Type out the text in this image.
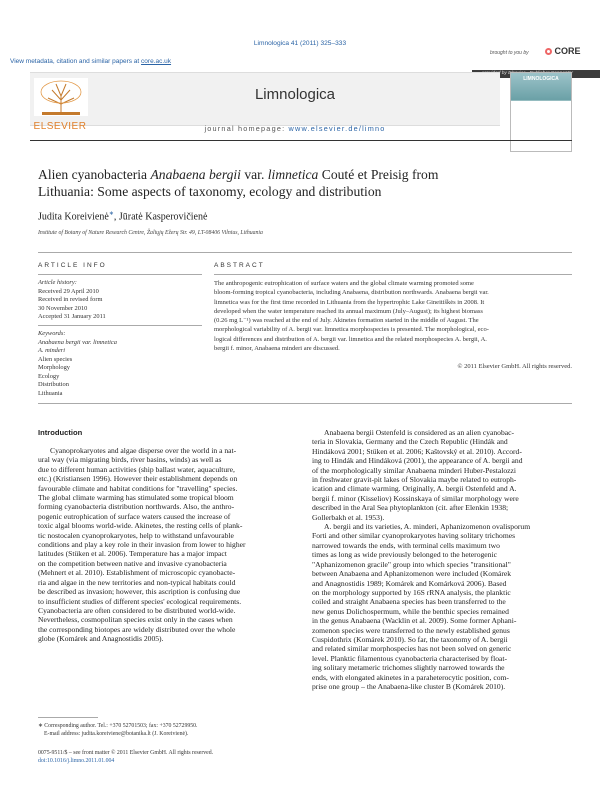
Limnologica 41 (2011) 325–333
View metadata, citation and similar papers at core.ac.uk
brought to you by	CORE
by
ELSEVIER
Limnologica
journal homepage: www.elsevier.de/limno
LIMNOLOGICA
Alien cyanobacteria Anabaena bergii var. limnetica Couté et Preisig from
Lithuania: Some aspects of taxonomy, ecology and distribution
Judita Koreivienė∗, Jūratė Kasperovičienė
Institute of Botany of Nature Research Centre, Žaliųjų Ežerų Str. 49, LT-08406 Vilnius, Lithuania
ARTICLE INFO
Article history:
Received 29 April 2010
Received in revised form
30 November 2010
Accepted 31 January 2011
Keywords:
Anabaena bergii var. limnetica
A. minderi
Alien species
Morphology
Ecology
Distribution
Lithuania
ABSTRACT
The anthropogenic eutrophication of surface waters and the global climate warming promoted some
bloom-forming tropical cyanobacteria, including Anabaena, distribution northwards. Anabaena bergii var.
limnetica was for the first time recorded in Lithuania from the hypertrophic Lake Gineitiškės in 2008. It
developed when the water temperature reached its annual maximum (July–August); its highest biomass
(0.26 mg L⁻¹) was reached at the end of July. Akinetes formation started in the middle of August. The
morphological variability of A. bergii var. limnetica morphospecies is presented. The morphological, eco-
logical differences and distribution of A. bergii var. limnetica and the related morphospecies A. bergii, A.
bergii f. minor, Anabaena minderi are discussed.
© 2011 Elsevier GmbH. All rights reserved.
Introduction
Cyanoprokaryotes and algae disperse over the world in a nat-
ural way (via migrating birds, river basins, winds) as well as
due to different human activities (ship ballast water, aquaculture,
etc.) (Kristiansen 1996). However their establishment depends on
favourable climate and habitat conditions for "travelling" species.
The global climate warming has stimulated some tropical bloom
forming cyanobacteria distribution northwards. Also, the anthro-
pogenic eutrophication of surface waters caused the increase of
toxic algal blooms world-wide. Akinetes, the resting cells of plank-
tic nostocalen cyanoprokaryotes, help to withstand unfavourable
conditions and play a key role in their invasion from lower to higher
latitudes (Stüken et al. 2006). Temperature has a major impact
on the competition between native and invasive cyanobacteria
(Mehnert et al. 2010). Establishment of microscopic cyanobacte-
ria and algae in the new territories and non-typical habitats could
be described as invasion; however, this ascription is confusing due
to insufficient studies of different species' ecological requirements.
Cyanobacteria are often considered to be distributed world-wide.
Nevertheless, cosmopolitan species exist only in the cases when
the corresponding biotopes are widely distributed over the whole
globe (Komárek and Anagnostidis 2005).
Anabaena bergii Ostenfeld is considered as an alien cyanobac-
teria in Slovakia, Germany and the Czech Republic (Hindák and
Hindáková 2001; Stüken et al. 2006; Kaštovský et al. 2010). Accord-
ing to Hindák and Hindáková (2001), the appearance of A. bergii and
of the morphologically similar Anabaena minderi Huber-Pestalozzi
in freshwater gravit-pit lakes of Slovakia maybe related to eutroph-
ication and climate warming. Originally, A. bergii Ostenfeld and A.
bergii f. minor (Kisseliov) Kossinskaya of similar morphology were
described in the Aral Sea phytoplankton (cit. after Elenkin 1938;
Gollerbakh et al. 1953).
A. bergii and its varieties, A. minderi, Aphanizomenon ovalisporum
Forti and other similar cyanoprokaryotes having solitary trichomes
narrowed towards the ends, with terminal cells maximum two
times as long as wide previously belonged to the heterogenic
"Aphanizomenon gracile" group into which species "transitional"
between Anabaena and Aphanizomenon were included (Komárek
and Anagnostidis 1989; Komárek and Komárková 2006). Based
on the morphology supported by 16S rRNA analysis, the planktic
coiled and straight Anabaena species has been transferred to the
new genus Dolichospermum, while the benthic species remained
in the genus Anabaena (Wacklin et al. 2009). Some former Aphani-
zomenon species were transferred to the newly established genus
Cuspidothrix (Komárek 2010). So far, the taxonomy of A. bergii
and related similar morphospecies has not been solved on generic
level. Planktic filamentous cyanobacteria characterised by float-
ing solitary metameric trichomes slightly narrowed towards the
ends, with elongated akinetes in a paraheterocytic position, com-
prise one group – the Anabaena-like cluster B (Komárek 2010).
∗ Corresponding author. Tel.: +370 52701503; fax: +370 52729950.
E-mail address: judita.koreiviene@botanika.lt (J. Koreivienė).
0075-9511/$ – see front matter © 2011 Elsevier GmbH. All rights reserved.
doi:10.1016/j.limno.2011.01.004
